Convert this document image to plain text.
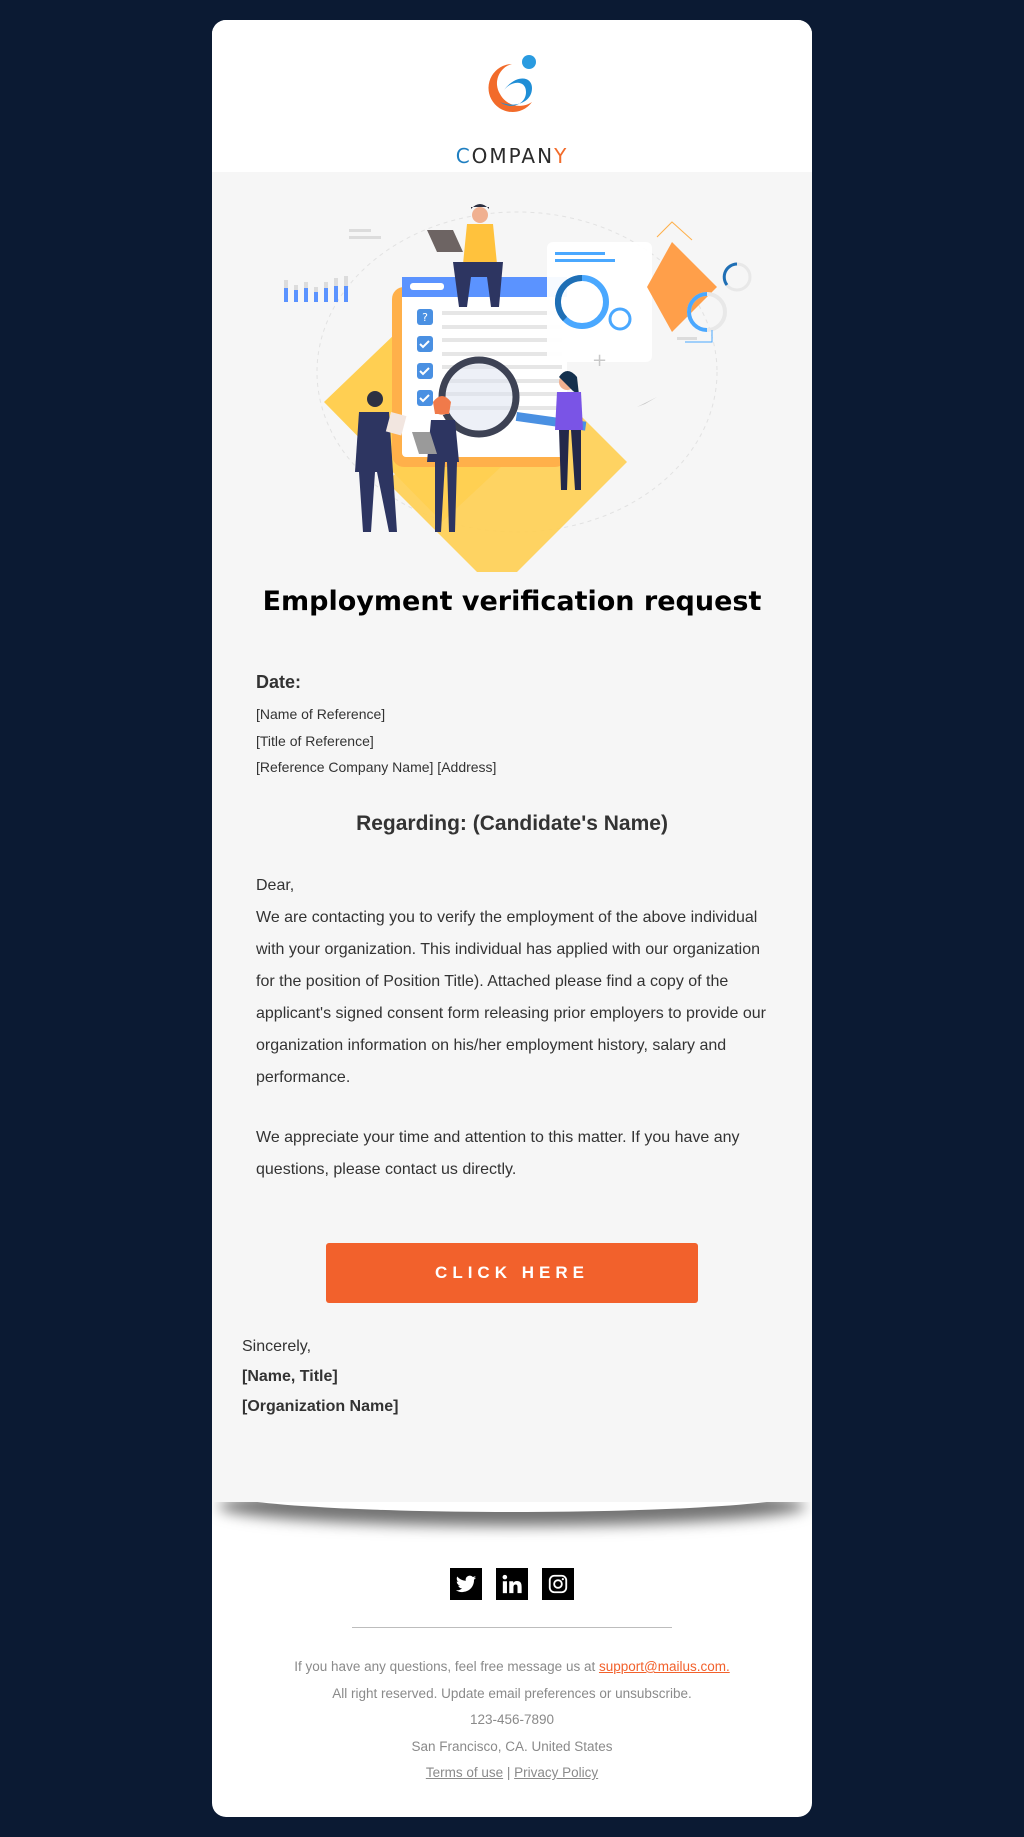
COMPANY
?
+
Employment verification request
Date:
[Name of Reference]
[Title of Reference]
[Reference Company Name] [Address]
Regarding: (Candidate's Name)

Dear,
We are contacting you to verify the employment of the above individual with your organization. This individual has applied with our organization for the position of Position Title). Attached please find a copy of the applicant's signed consent form releasing prior employers to provide our organization information on his/her employment history, salary and performance.

We appreciate your time and attention to this matter. If you have any questions, please contact us directly.

CLICK HERE
Sincerely,
[Name, Title]
[Organization Name]

If you have any questions, feel free message us at support@mailus.com.
All right reserved. Update email preferences or unsubscribe.
123-456-7890
San Francisco, CA. United States
Terms of use | Privacy Policy
